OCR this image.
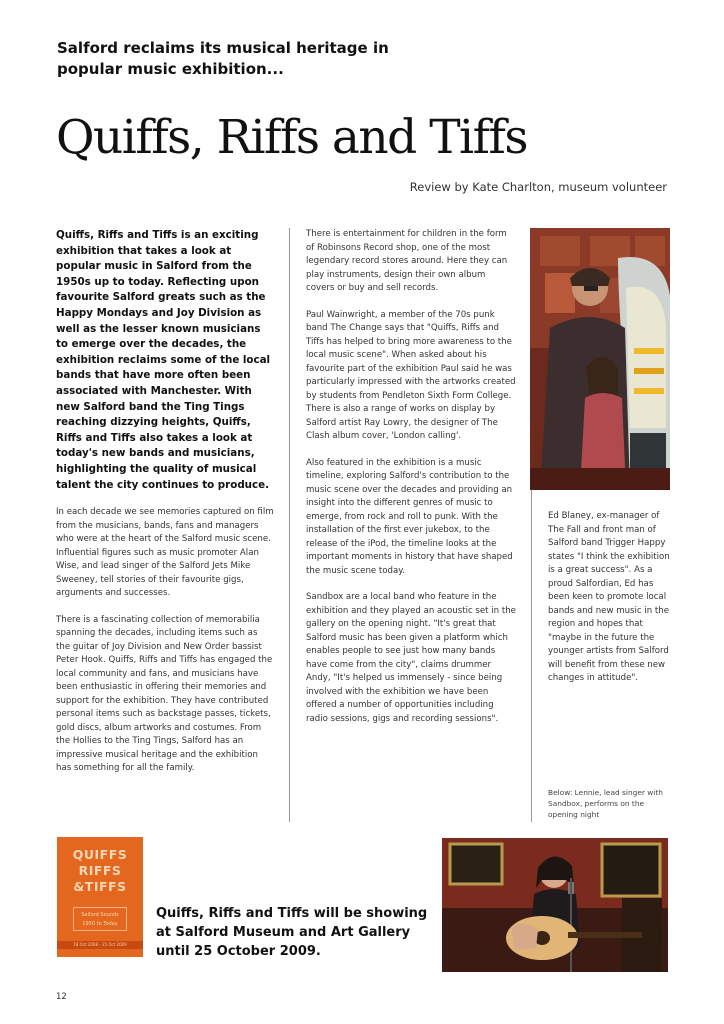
Salford reclaims its musical heritage in popular music exhibition...
Quiffs, Riffs and Tiffs
Review by Kate Charlton, museum volunteer

Quiffs, Riffs and Tiffs is an exciting exhibition that takes a look at popular music in Salford from the 1950s up to today. Reflecting upon favourite Salford greats such as the Happy Mondays and Joy Division as well as the lesser known musicians to emerge over the decades, the exhibition reclaims some of the local bands that have more often been associated with Manchester. With new Salford band the Ting Tings reaching dizzying heights, Quiffs, Riffs and Tiffs also takes a look at today's new bands and musicians, highlighting the quality of musical talent the city continues to produce.

In each decade we see memories captured on film from the musicians, bands, fans and managers who were at the heart of the Salford music scene. Influential figures such as music promoter Alan Wise, and lead singer of the Salford Jets Mike Sweeney, tell stories of their favourite gigs, arguments and successes.

There is a fascinating collection of memorabilia spanning the decades, including items such as the guitar of Joy Division and New Order bassist Peter Hook. Quiffs, Riffs and Tiffs has engaged the local community and fans, and musicians have been enthusiastic in offering their memories and support for the exhibition. They have contributed personal items such as backstage passes, tickets, gold discs, album artworks and costumes. From the Hollies to the Ting Tings, Salford has an impressive musical heritage and the exhibition has something for all the family.

There is entertainment for children in the form of Robinsons Record shop, one of the most legendary record stores around. Here they can play instruments, design their own album covers or buy and sell records.

Paul Wainwright, a member of the 70s punk band The Change says that "Quiffs, Riffs and Tiffs has helped to bring more awareness to the local music scene". When asked about his favourite part of the exhibition Paul said he was particularly impressed with the artworks created by students from Pendleton Sixth Form College. There is also a range of works on display by Salford artist Ray Lowry, the designer of The Clash album cover, 'London calling'.

Also featured in the exhibition is a music timeline, exploring Salford's contribution to the music scene over the decades and providing an insight into the different genres of music to emerge, from rock and roll to punk. With the installation of the first ever jukebox, to the release of the iPod, the timeline looks at the important moments in history that have shaped the music scene today.

Sandbox are a local band who feature in the exhibition and they played an acoustic set in the gallery on the opening night. "It's great that Salford music has been given a platform which enables people to see just how many bands have come from the city", claims drummer Andy, "It's helped us immensely - since being involved with the exhibition we have been offered a number of opportunities including radio sessions, gigs and recording sessions".

Ed Blaney, ex-manager of The Fall and front man of Salford band Trigger Happy states "I think the exhibition is a great success". As a proud Salfordian, Ed has been keen to promote local bands and new music in the region and hopes that "maybe in the future the younger artists from Salford will benefit from these new changes in attitude".

Below: Lennie, lead singer with Sandbox, performs on the opening night
QUIFFS
RIFFS
&TIFFS
Salford Sounds
1950 to Today
18 Oct 2008 - 25 Oct 2009
Quiffs, Riffs and Tiffs will be showing at Salford Museum and Art Gallery until 25 October 2009.
12
